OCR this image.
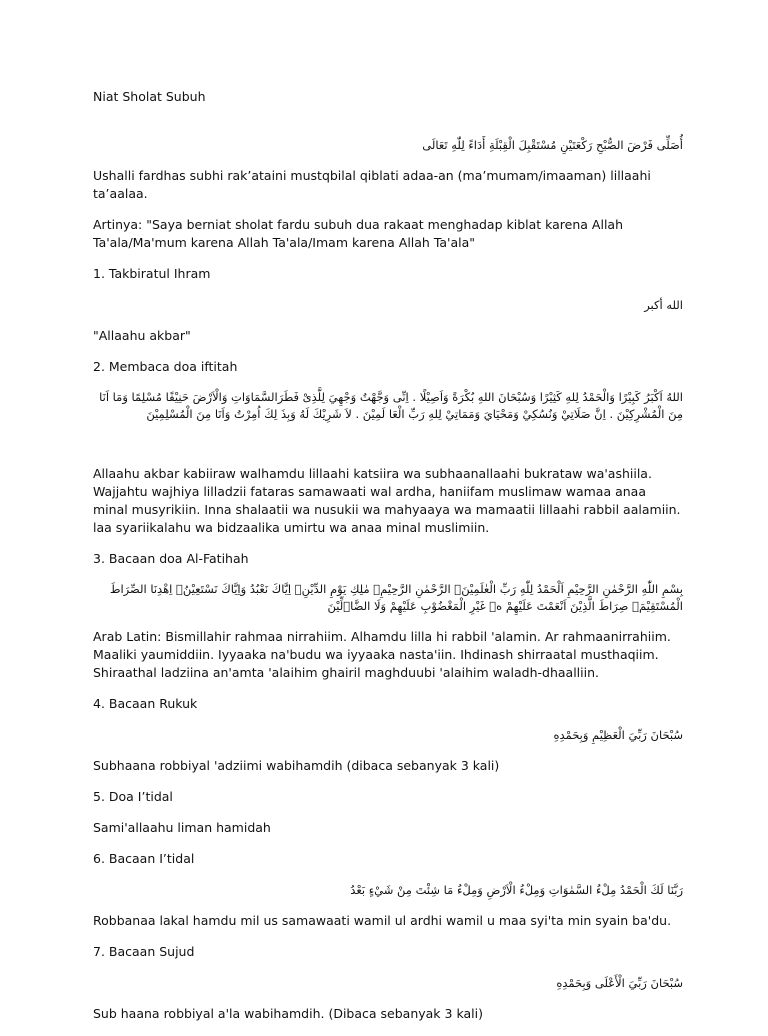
Niat Sholat Subuh

أُصَلِّى فَرْضَ الصُّبْحِ رَكْعَتَيْنِ مُسْتَقْبِلَ الْقِبْلَةِ أَدَاءً لِلّٰهِ تَعَالَى

Ushalli fardhas subhi rak’ataini mustqbilal qiblati adaa-an (ma’mumam/imaaman) lillaahi ta’aalaa.

Artinya: "Saya berniat sholat fardu subuh dua rakaat menghadap kiblat karena Allah Ta'ala/Ma'mum karena Allah Ta'ala/Imam karena Allah Ta'ala"

1. Takbiratul Ihram

الله أكبر

"Allaahu akbar"

2. Membaca doa iftitah

اللهُ اَكْبَرُ كَبِيْرًا وَالْحَمْدُ لِلهِ كَثِيْرًا وَسُبْحَانَ اللهِ بُكْرَةً وَاَصِيْلًا . اِنِّى وَجَّهْتُ وَجْهِيَ لِلَّذِىْ فَطَرَالسَّمَاوَاتِ وَالْاَرْضَ حَنِيْفًا مُسْلِمًا وَمَا اَنَا مِنَ الْمُشْرِكِيْنَ . اِنَّ صَلَاتِيْ وَنُسُكِيْ وَمَحْيَايَ وَمَمَاتِيْ لِلهِ رَبِّ الْعَا لَمِيْنَ . لاَ شَرِيْكَ لَهُ وَبِذَ لِكَ اُمِرْتُ وَاَنَا مِنَ الْمُسْلِمِيْنَ

Allaahu akbar kabiiraw walhamdu lillaahi katsiira wa subhaanallaahi bukrataw wa'ashiila. Wajjahtu wajhiya lilladzii fataras samawaati wal ardha, haniifam muslimaw wamaa anaa minal musyrikiin. Inna shalaatii wa nusukii wa mahyaaya wa mamaatii lillaahi rabbil aalamiin. laa syariikalahu wa bidzaalika umirtu wa anaa minal muslimiin.

3. Bacaan doa Al-Fatihah

بِسْمِ اللّٰهِ الرَّحْمٰنِ الرَّحِيْمِ اَلْحَمْدُ لِلّٰهِ رَبِّ الْعٰلَمِيْنَۙ الرَّحْمٰنِ الرَّحِيْمِۙ مٰلِكِ يَوْمِ الدِّيْنِۗ اِيَّاكَ نَعْبُدُ وَاِيَّاكَ نَسْتَعِيْنُۗ اِهْدِنَا الصِّرَاطَ الْمُسْتَقِيْمَۙ صِرَاطَ الَّذِيْنَ اَنْعَمْتَ عَلَيْهِمْ ەۙ غَيْرِ الْمَغْضُوْبِ عَلَيْهِمْ وَلَا الضَّاۤلِّيْنَ

Arab Latin: Bismillahir rahmaa nirrahiim. Alhamdu lilla hi rabbil 'alamin. Ar rahmaanirrahiim. Maaliki yaumiddiin. Iyyaaka na'budu wa iyyaaka nasta'iin. Ihdinash shirraatal musthaqiim. Shiraathal ladziina an'amta 'alaihim ghairil maghduubi 'alaihim waladh-dhaalliin.

4. Bacaan Rukuk

سُبْحَانَ رَبِّيَ الْعَظِيْمِ وَبِحَمْدِهِ

Subhaana robbiyal 'adziimi wabihamdih (dibaca sebanyak 3 kali)

5. Doa I’tidal

Sami'allaahu liman hamidah

6. Bacaan I’tidal

رَبَّنَا لَكَ الْحَمْدُ مِلْءُ السَّمٰوَاتِ وَمِلْءُ الْاَرْضِ وَمِلْءُ مَا شِئْتَ مِنْ شَيْءٍ بَعْدُ

Robbanaa lakal hamdu mil us samawaati wamil ul ardhi wamil u maa syi'ta min syain ba'du.

7. Bacaan Sujud

سُبْحَانَ رَبِّيَ الْأَعْلَى وَبِحَمْدِهِ

Sub haana robbiyal a'la wabihamdih. (Dibaca sebanyak 3 kali)
